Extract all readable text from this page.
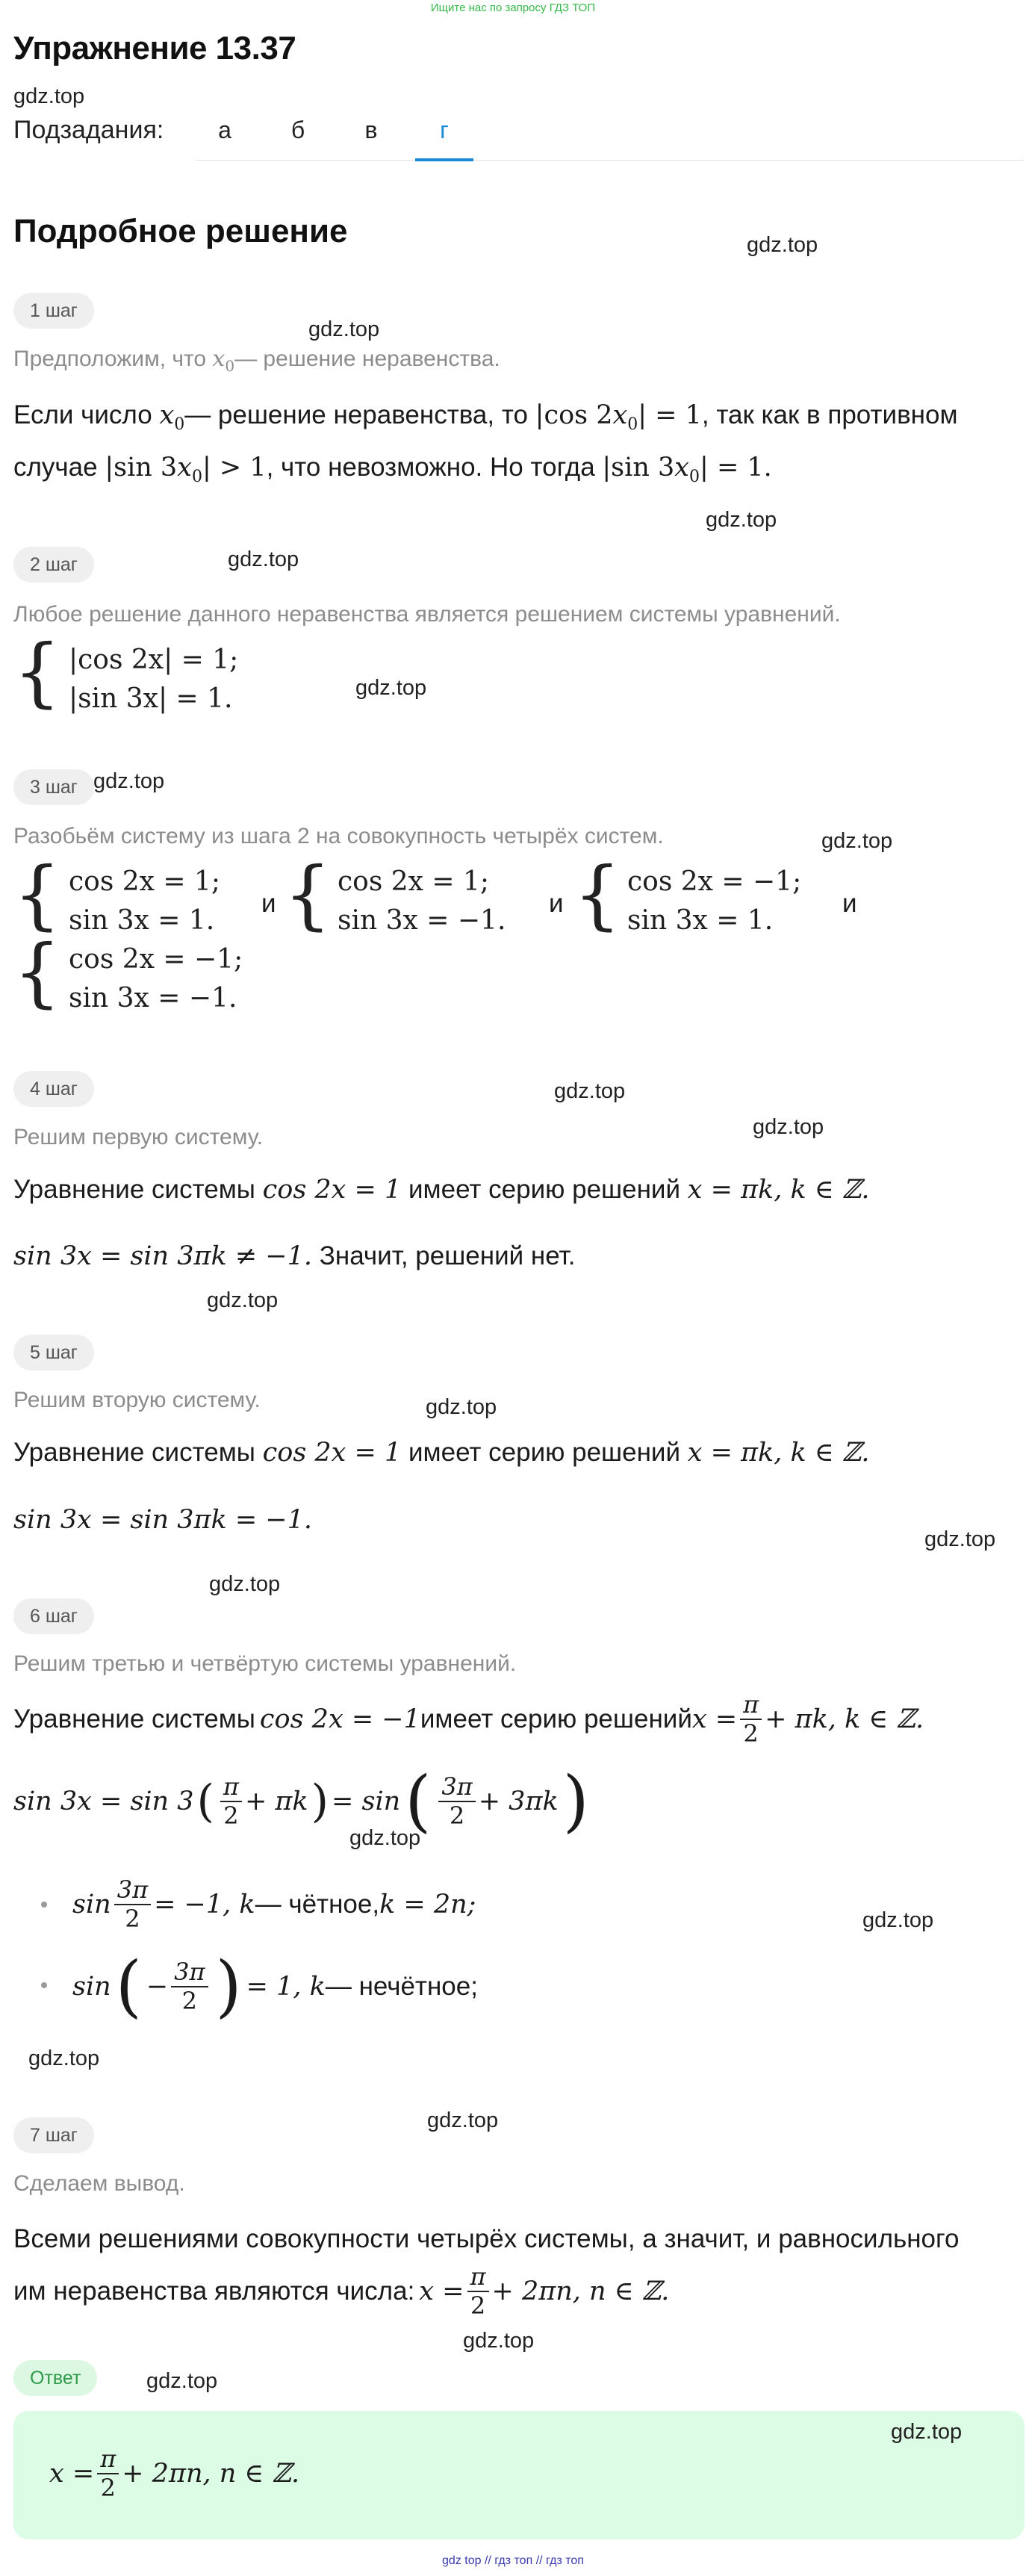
Ищите нас по запросу ГДЗ ТОП
Упражнение 13.37
gdz.top
Подзадания:	а	б	в	г
Подробное решение	gdz.top
1 шаг
gdz.top
Предположим, что $x_0—$ решение неравенства.
Если число $x_0—$ решение неравенства, то |cos $2x_0| = 1$, так как в противном
случае |sin $3x_0| > 1$, что невозможно. Но тогда |sin $3x_0| = 1$.
gdz.top
2 шаг	gdz.top
Любое решение данного неравенства является решением системы уравнений.
{ |cos 2x| = 1;
|sin 3x| = 1.	gdz.top
3 шаг gdz.top
Разобьём систему из шага 2 на совокупность четырёх систем.	gdz.top
{ cos 2x = 1;
sin 3x = 1.
и { cos 2x = 1;
sin 3x = −1.
и { cos 2x = −1;
sin 3x = 1.
и
{ cos 2x = −1;
sin 3x = −1.
4 шаг	gdz.top
Решим первую систему.	gdz.top
Уравнение системы cos 2x = 1 имеет серию решений x = πk, k ∈ ℤ.
sin 3x = sin 3πk ≠ −1. Значит, решений нет.
gdz.top
5 шаг
gdz.top
Решим вторую систему.
Уравнение системы cos 2x = 1 имеет серию решений x = πk, k ∈ ℤ.
sin 3x = sin 3πk = −1.
gdz.top
gdz.top
6 шаг
Решим третью и четвёртую системы уравнений.
Уравнение системы cos 2x = −1 имеет серию решений $x = \frac{\pi}{2} + \pi k$, k ∈ ℤ.
sin 3x = sin 3 ( $\frac{\pi}{2} + \pi k$ ) = sin ( $\frac{3\pi}{2} + 3\pi k$ )
gdz.top
$\sin \frac{3\pi}{2} = -1$, k — чётное, k = 2n;
gdz.top
sin ( − $\frac{3\pi}{2}$ ) = 1, k — нечётное;
gdz.top
7 шаг
gdz.top
Сделаем вывод.
Всеми решениями совокупности четырёх системы, а значит, и равносильного
им неравенства являются числа: $x = \frac{\pi}{2} + 2\pi n$, n ∈ ℤ.
gdz.top
Ответ	gdz.top
gdz.top
$x = \frac{\pi}{2} + 2\pi n$, n ∈ ℤ.
gdz top // гдз топ // гдз топ
